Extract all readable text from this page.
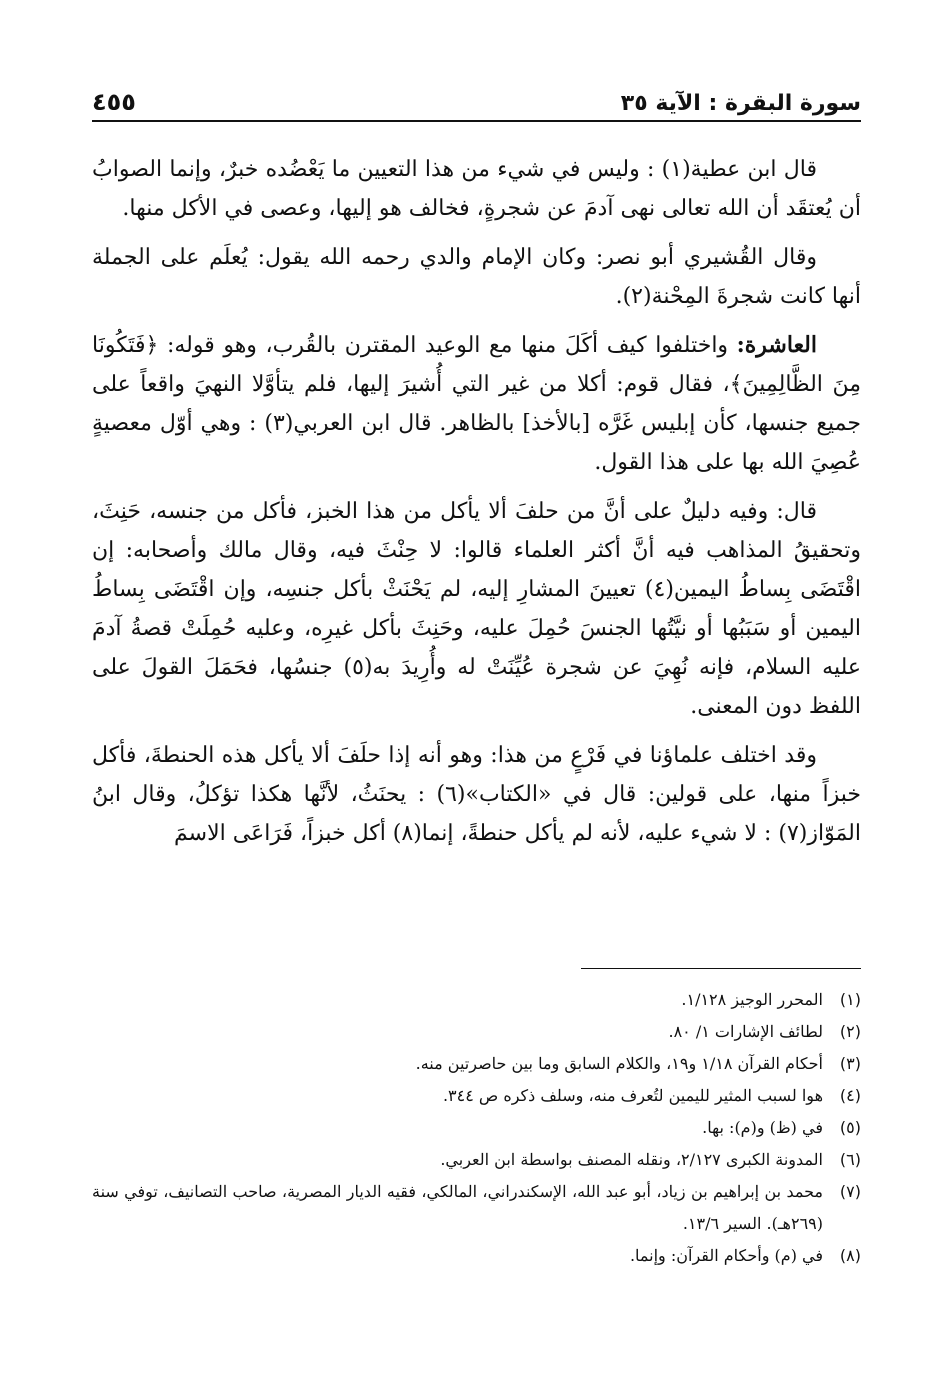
سورة البقرة : الآية ٣٥
٤٥٥

قال ابن عطية(١) : وليس في شيء من هذا التعيين ما يَعْضُده خبرٌ، وإنما الصوابُ أن يُعتقَد أن الله تعالى نهى آدمَ عن شجرةٍ، فخالف هو إليها، وعصى في الأكل منها.

وقال القُشيري أبو نصر: وكان الإمام والدي رحمه الله يقول: يُعلَم على الجملة أنها كانت شجرةَ المِحْنة(٢).

العاشرة: واختلفوا كيف أكَلَ منها مع الوعيد المقترن بالقُرب، وهو قوله: ﴿فَتَكُونَا مِنَ الظَّالِمِينَ﴾، فقال قوم: أكلا من غير التي أُشيرَ إليها، فلم يتأوَّلا النهيَ واقعاً على جميع جنسها، كأن إبليس غَرَّه [بالأخذ] بالظاهر. قال ابن العربي(٣) : وهي أوّل معصيةٍ عُصِيَ الله بها على هذا القول.

قال: وفيه دليلٌ على أنَّ من حلفَ ألا يأكل من هذا الخبز، فأكل من جنسه، حَنِثَ، وتحقيقُ المذاهب فيه أنَّ أكثر العلماء قالوا: لا حِنْثَ فيه، وقال مالك وأصحابه: إن اقْتَضَى بِساطُ اليمين(٤) تعيينَ المشارِ إليه، لم يَحْنَثْ بأكل جنسِه، وإن اقْتَضَى بِساطُ اليمين أو سَبَبُها أو نيَّتُها الجنسَ حُمِلَ عليه، وحَنِثَ بأكل غيرِه، وعليه حُمِلَتْ قصةُ آدمَ عليه السلام، فإنه نُهِيَ عن شجرة عُيِّنَتْ له وأُرِيدَ به(٥) جنسُها، فحَمَلَ القولَ على اللفظ دون المعنى.

وقد اختلف علماؤنا في فَرْعٍ من هذا: وهو أنه إذا حلَفَ ألا يأكل هذه الحنطةَ، فأكل خبزاً منها، على قولين: قال في «الكتاب»(٦) : يحنَثُ، لأنَّها هكذا تؤكلُ، وقال ابنُ المَوّاز(٧) : لا شيء عليه، لأنه لم يأكل حنطةً، إنما(٨) أكل خبزاً، فَرَاعَى الاسمَ

(١)
المحرر الوجيز ١/١٢٨.
(٢)
لطائف الإشارات ١/ ٨٠.
(٣)
أحكام القرآن ١/١٨ و١٩، والكلام السابق وما بين حاصرتين منه.
(٤)
هوا لسبب المثير لليمين لتُعرف منه، وسلف ذكره ص ٣٤٤.
(٥)
في (ظ) و(م): بها.
(٦)
المدونة الكبرى ٢/١٢٧، ونقله المصنف بواسطة ابن العربي.
(٧)
محمد بن إبراهيم بن زياد، أبو عبد الله، الإسكندراني، المالكي، فقيه الديار المصرية، صاحب التصانيف، توفي سنة (٢٦٩هـ). السير ١٣/٦.
(٨)
في (م) وأحكام القرآن: وإنما.
